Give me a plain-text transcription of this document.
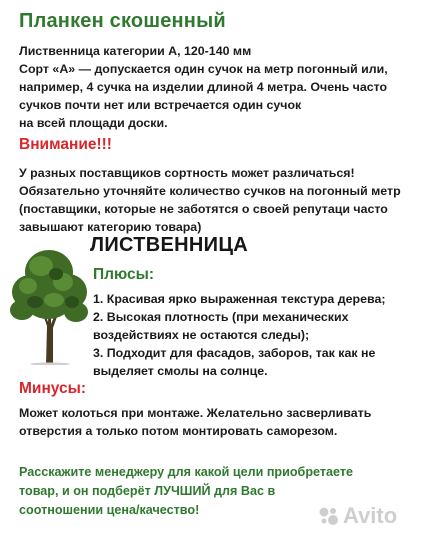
Планкен скошенный
Лиственница категории А, 120-140 мм
Сорт «А» — допускается один сучок на метр погонный или,
например, 4 сучка на изделии длиной 4 метра. Очень часто
сучков почти нет или встречается один сучок
на всей площади доски.
Внимание!!!
У разных поставщиков сортность может различаться!
Обязательно уточняйте количество сучков на погонный метр
(поставщики, которые не заботятся о своей репутаци часто
завышают категорию товара)
ЛИСТВЕННИЦА
Плюсы:
1. Красивая ярко выраженная текстура дерева;
2. Высокая плотность (при механических
воздействиях не остаются следы);
3. Подходит для фасадов, заборов, так как не
выделяет смолы на солнце.
Минусы:
Может колоться при монтаже. Желательно засверливать
отверстия а только потом монтировать саморезом.
Расскажите менеджеру для какой цели приобретаете
товар, и он подберёт ЛУЧШИЙ для Вас в
соотношении цена/качество!	Avito
